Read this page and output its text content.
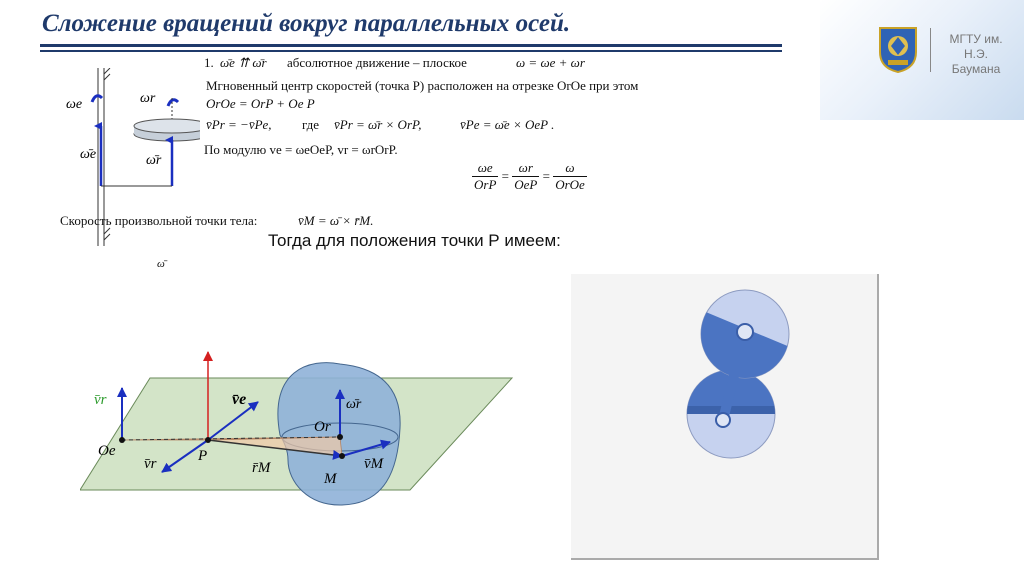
Сложение вращений вокруг параллельных осей.
МГТУ им.
Н.Э.
Баумана
1. ω̄e ⇈ ω̄r абсолютное движение – плоское	ω = ωe + ωr
Мгновенный центр скоростей (точка P) расположен на отрезке OrOe при этом
OrOe = OrP + Oe P
v̄Pr = −v̄Pe, где v̄Pr = ω̄r × OrP,	v̄Pe = ω̄e × OeP .
По модулю ve = ωeOeP, vr = ωrOrP.
$\frac{\omega e}{\text{OrP}} = \frac{\omega r}{\text{OeP}} = \frac{\omega}{\text{OrOe}}$
Скорость произвольной точки тела:	v̄M = ω̄ × r̄M.
Тогда для положения точки Р имеем:
ω̄
ωe
ω̄e
ωr
ω̄r
v̄r	v̄e	ω̄r
Or
Oe	P
v̄r	r̄M	v̄M
M
